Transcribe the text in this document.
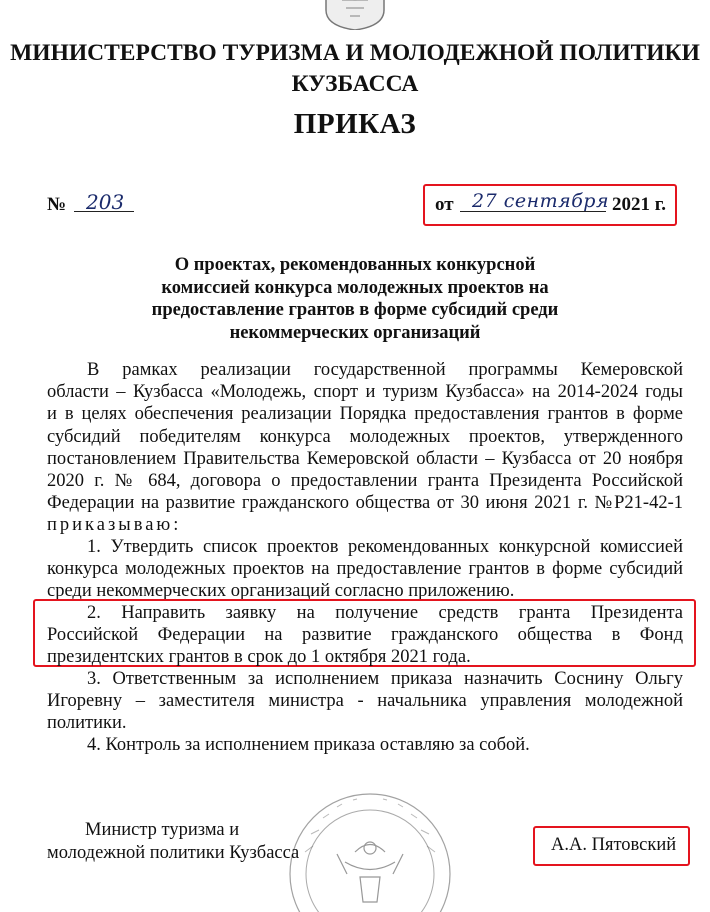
МИНИСТЕРСТВО ТУРИЗМА И МОЛОДЕЖНОЙ ПОЛИТИКИ
КУЗБАССА
ПРИКАЗ
№ 203	от 27 сентября 2021 г.
О проектах, рекомендованных конкурсной
комиссией конкурса молодежных проектов на
предоставление грантов в форме субсидий среди
некоммерческих организаций
В рамках реализации государственной программы Кемеровской
области – Кузбасса «Молодежь, спорт и туризм Кузбасса» на 2014-2024 годы
и в целях обеспечения реализации Порядка предоставления грантов в форме
субсидий победителям конкурса молодежных проектов, утвержденного
постановлением Правительства Кемеровской области – Кузбасса от 20 ноября
2020 г. № 684, договора о предоставлении гранта Президента Российской
Федерации на развитие гражданского общества от 30 июня 2021 г. №Р21-42-1
приказываю:
1. Утвердить список проектов рекомендованных конкурсной комиссией
конкурса молодежных проектов на предоставление грантов в форме субсидий
среди некоммерческих организаций согласно приложению.
2. Направить заявку на получение средств гранта Президента
Российской Федерации на развитие гражданского общества в Фонд
президентских грантов в срок до 1 октября 2021 года.
3. Ответственным за исполнением приказа назначить Соснину Ольгу
Игоревну – заместителя министра - начальника управления молодежной
политики.
4. Контроль за исполнением приказа оставляю за собой.
Министр туризма и
молодежной политики Кузбасса	А.А. Пятовский
